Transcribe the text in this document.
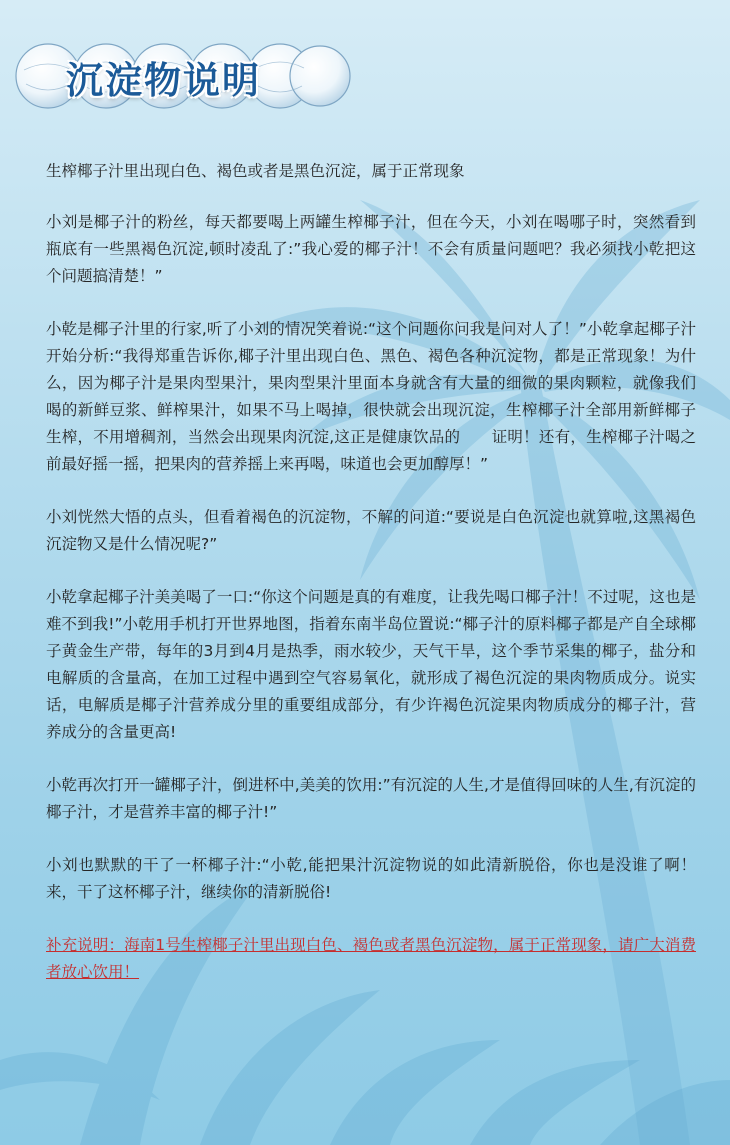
沉淀物说明

生榨椰子汁里出现白色、褐色或者是黑色沉淀，属于正常现象

小刘是椰子汁的粉丝，每天都要喝上两罐生榨椰子汁，但在今天，小刘在喝哪子时，突然看到瓶底有一些黑褐色沉淀,顿时凌乱了:”我心爱的椰子汁！不会有质量问题吧？我必须找小乾把这个问题搞清楚！”

小乾是椰子汁里的行家,听了小刘的情况笑着说:“这个问题你问我是问对人了！”小乾拿起椰子汁开始分析:“我得郑重告诉你,椰子汁里出现白色、黑色、褐色各种沉淀物，都是正常现象！为什么，因为椰子汁是果肉型果汁，果肉型果汁里面本身就含有大量的细微的果肉颗粒，就像我们喝的新鲜豆浆、鲜榨果汁，如果不马上喝掉，很快就会出现沉淀，生榨椰子汁全部用新鲜椰子生榨，不用增稠剂，当然会出现果肉沉淀,这正是健康饮品的　　证明！还有，生榨椰子汁喝之前最好摇一摇，把果肉的营养摇上来再喝，味道也会更加醇厚！”

小刘恍然大悟的点头，但看着褐色的沉淀物，不解的问道:“要说是白色沉淀也就算啦,这黑褐色沉淀物又是什么情况呢?”

小乾拿起椰子汁美美喝了一口:“你这个问题是真的有难度，让我先喝口椰子汁！不过呢，这也是难不到我!”小乾用手机打开世界地图，指着东南半岛位置说:“椰子汁的原料椰子都是产自全球椰子黄金生产带，每年的3月到4月是热季，雨水较少，天气干旱，这个季节采集的椰子，盐分和电解质的含量高，在加工过程中遇到空气容易氧化，就形成了褐色沉淀的果肉物质成分。说实话，电解质是椰子汁营养成分里的重要组成部分，有少许褐色沉淀果肉物质成分的椰子汁，营养成分的含量更高!

小乾再次打开一罐椰子汁，倒进杯中,美美的饮用:”有沉淀的人生,才是值得回味的人生,有沉淀的椰子汁，才是营养丰富的椰子汁!”

小刘也默默的干了一杯椰子汁:“小乾,能把果汁沉淀物说的如此清新脱俗，你也是没谁了啊！来，干了这杯椰子汁，继续你的清新脱俗!

补充说明：海南1号生榨椰子汁里出现白色、褐色或者黑色沉淀物，属于正常现象，请广大消费者放心饮用！
